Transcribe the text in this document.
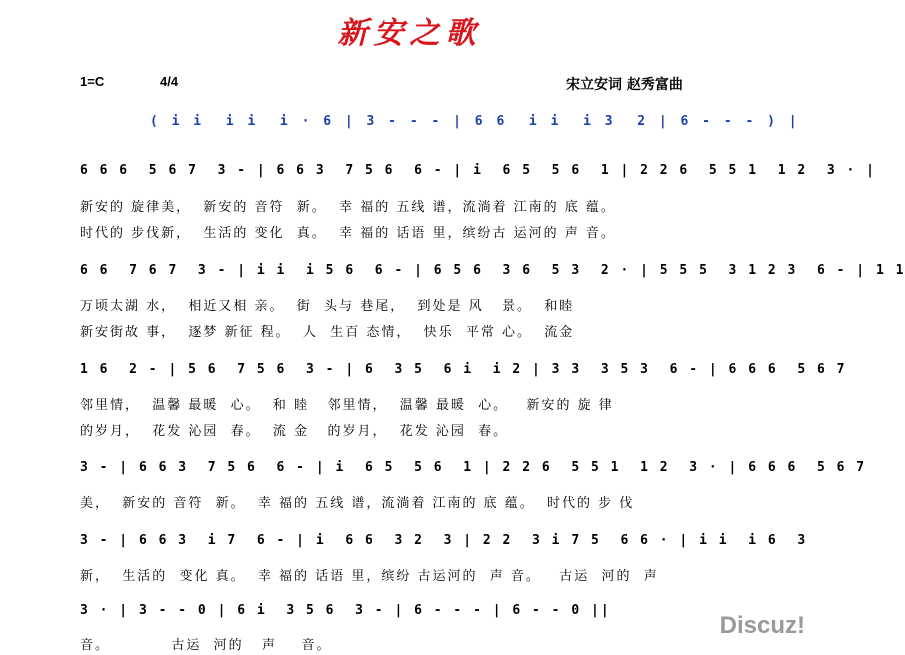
新安之歌
1=C	4/4	宋立安词 赵秀富曲
( i i  i i  i · 6 | 3 - - - | 6 6  i i  i 3  2 | 6 - - - ) |
6 6 6  5 6 7  3 - | 6 6 3  7 5 6  6 - | i  6 5  5 6  1 | 2 2 6  5 5 1  1 2  3 · |
新安的 旋律美，  新安的 音符  新。  幸 福的 五线 谱，流淌着 江南的 底 蕴。
时代的 步伐新，  生活的 变化  真。  幸 福的 话语 里，缤纷古 运河的 声 音。
6 6  7 6 7  3 - | i i  i 5 6  6 - | 6 5 6  3 6  5 3  2 · | 5 5 5  3 1 2 3  6 - | 1 1
万顷太湖 水，  相近又相 亲。  街  头与 巷尾，  到处是 风   景。  和睦
新安街故 事，  逐梦 新征 程。  人  生百 态情，  快乐  平常 心。  流金
1 6  2 - | 5 6  7 5 6  3 - | 6  3 5  6 i  i 2 | 3 3  3 5 3  6 - | 6 6 6  5 6 7
邻里情，  温馨 最暖  心。  和 睦   邻里情，  温馨 最暖  心。   新安的 旋 律
的岁月，  花发 沁园  春。  流 金   的岁月，  花发 沁园  春。
3 - | 6 6 3  7 5 6  6 - | i  6 5  5 6  1 | 2 2 6  5 5 1  1 2  3 · | 6 6 6  5 6 7
美，  新安的 音符  新。  幸 福的 五线 谱，流淌着 江南的 底 蕴。  时代的 步 伐
3 - | 6 6 3  i 7  6 - | i  6 6  3 2  3 | 2 2  3 i 7 5  6 6 · | i i  i 6  3
新，  生活的  变化 真。  幸 福的 话语 里，缤纷 古运河的  声 音。   古运  河的  声
3 · | 3 - - 0 | 6 i  3 5 6  3 - | 6 - - - | 6 - - 0 ||
音。          古运  河的   声    音。
Discuz!
